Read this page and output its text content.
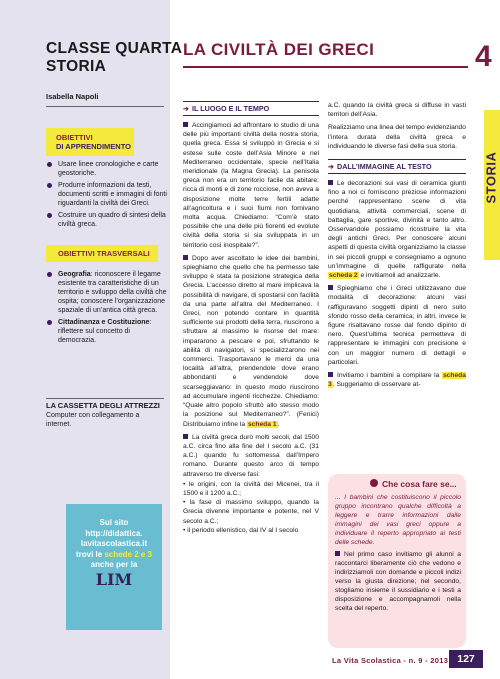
CLASSE QUARTA
STORIA
Isabella Napoli
OBIETTIVI
DI APPRENDIMENTO
Usare linee cronologiche e carte geostoriche.
Produrre informazioni da testi, documenti scritti e immagini di fonti riguardanti la civiltà dei Greci.
Costruire un quadro di sintesi della civiltà greca.
OBIETTIVI TRASVERSALI
Geografia: riconoscere il legame esistente tra caratteristiche di un territorio e sviluppo della civiltà che ospita; conoscere l’organizzazione spaziale di un’antica città greca.
Cittadinanza e Costituzione: riflettere sul concetto di democrazia.
LA CASSETTA DEGLI ATTREZZI
Computer con collegamento a internet.
Sul sito
http://didattica.
lavitascolastica.it
trovi le schede 2 e 3
anche per la
LIM
LA CIVILTÀ DEI GRECI	4
STORIA
➔ IL LUOGO E IL TEMPO

Accingiamoci ad affrontare lo studio di una delle più importanti civiltà della nostra storia, quella greca. Essa si sviluppò in Grecia e si estese sulle coste dell’Asia Minore e nel Mediterraneo occidentale, specie nell’Italia meridionale (la Magna Grecia). La penisola greca non era un territorio facile da abitare: ricca di monti e di zone rocciose, non aveva a disposizione molte terre fertili adatte all’agricoltura e i suoi fiumi non fornivano molta acqua. Chiediamo: “Com’è stato possibile che una delle più fiorenti ed evolute civiltà della storia si sia sviluppata in un territorio così inospitale?”.

Dopo aver ascoltato le idee dei bambini, spieghiamo che quello che ha permesso tale sviluppo è stata la posizione strategica della Grecia. L’accesso diretto al mare implicava la possibilità di navigare, di spostarsi con facilità da una parte all’altra del Mediterraneo. I Greci, non potendo contare in quantità sufficiente sui prodotti della terra, riuscirono a sfruttare al massimo le risorse del mare: impararono a pescare e poi, sfruttando le abilità di navigatori, si specializzarono nei commerci. Trasportavano le merci da una località all’altra, prendendole dove erano abbondanti e vendendole dove scarseggiavano: in questo modo riuscirono ad accumulare ingenti ricchezze. Chiediamo: “Quale altro popolo sfruttò allo stesso modo la posizione sul Mediterraneo?”. (Fenici) Distribuiamo infine la scheda 1.

La civiltà greca durò molti secoli, dal 1500 a.C. circa fino alla fine del I secolo a.C. (31 a.C.) quando fu sottomessa dall’Impero romano. Durante questo arco di tempo attraverso tre diverse fasi:

• le origini, con la civiltà dei Micenei, tra il 1500 e il 1200 a.C.;
• la fase di massimo sviluppo, quando la Grecia divenne importante e potente, nel V secolo a.C.;
• il periodo ellenistico, dal IV al I secolo

a.C. quando la civiltà greca si diffuse in vasti territori dell’Asia.

Realizziamo una linea del tempo evidenziando l’intera durata della civiltà greca e individuando le diverse fasi della sua storia.

➔ DALL’IMMAGINE AL TESTO

Le decorazioni sui vasi di ceramica giunti fino a noi ci forniscono preziose informazioni perché rappresentano scene di vita quotidiana, attività commerciali, scene di battaglia, gare sportive, divinità e tanto altro. Osservandole possiamo ricostruire la vita degli antichi Greci. Per conoscere alcuni aspetti di questa civiltà organizziamo la classe in sei piccoli gruppi e consegniamo a ognuno un’immagine di quelle raffigurate nella scheda 2 e invitiamoli ad analizzarle.

Spieghiamo che i Greci utilizzavano due modalità di decorazione: alcuni vasi raffiguravano soggetti dipinti di nero sullo sfondo rosso della ceramica; in altri, invece le figure risaltavano rosse dal fondo dipinto di nero. Quest’ultima tecnica permetteva di rappresentare le immagini con precisione e con un maggior numero di dettagli e particolari.

Invitiamo i bambini a compilare la scheda 3. Suggeriamo di osservare at-

Che cosa fare se...
... I bambini che costituiscono il piccolo gruppo incontrano qualche difficoltà a leggere e trarre informazioni dalle immagini dei vasi greci oppure a individuare il reperto appropriato ai testi delle schede.

Nel primo caso invitiamo gli alunni a raccontarci liberamente ciò che vedono e indirizziamoli con domande e piccoli indizi verso la giusta direzione; nel secondo, stogliamo insieme il sussidiario e i testi a disposizione e accompagnamoli nella scelta del reperto.

La Vita Scolastica - n. 9 - 2013 127
